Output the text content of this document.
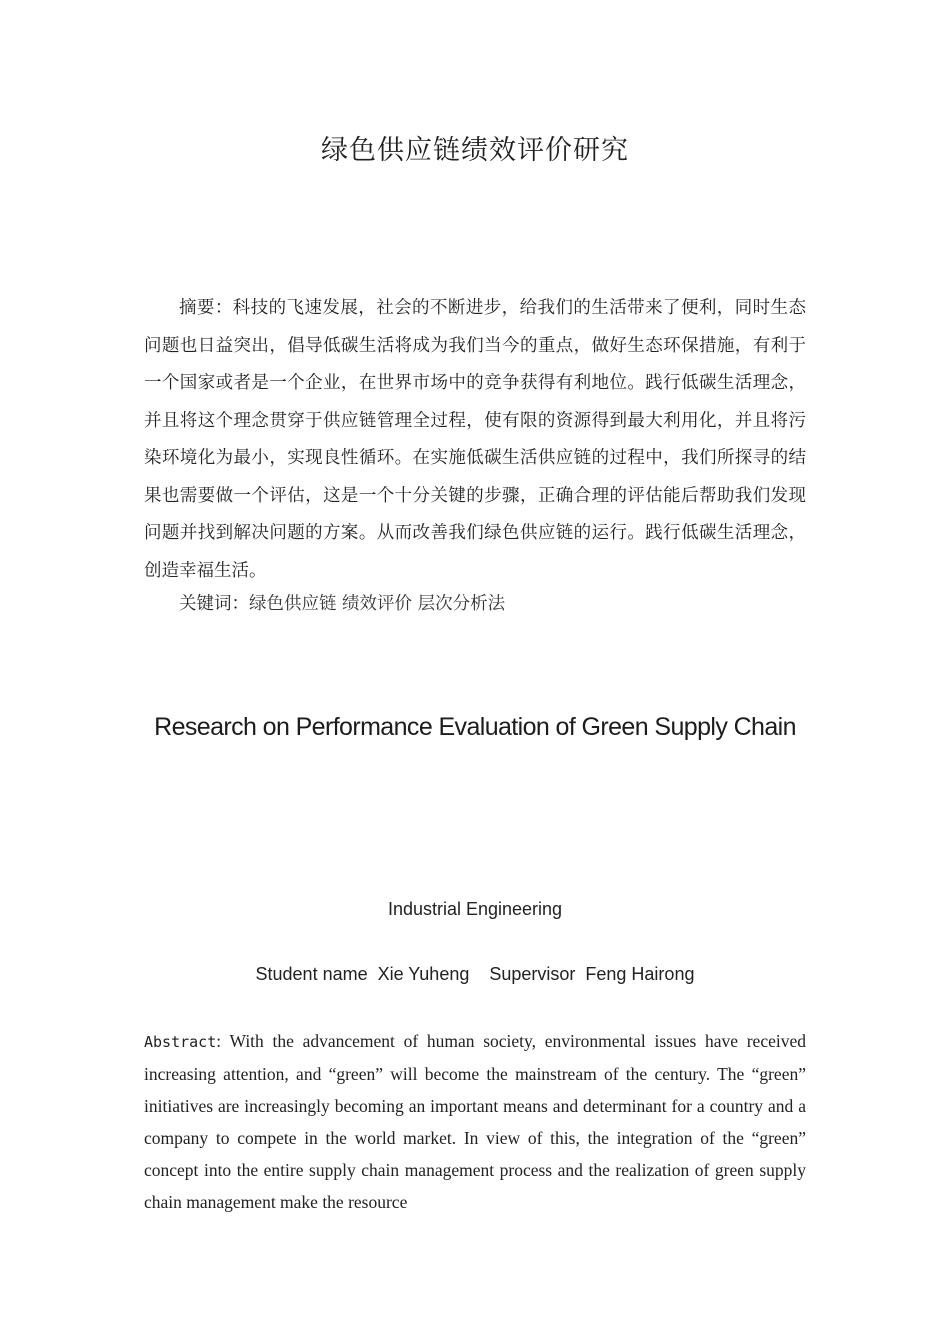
绿色供应链绩效评价研究

摘要：科技的飞速发展，社会的不断进步，给我们的生活带来了便利，同时生态问题也日益突出，倡导低碳生活将成为我们当今的重点，做好生态环保措施，有利于一个国家或者是一个企业，在世界市场中的竞争获得有利地位。践行低碳生活理念，并且将这个理念贯穿于供应链管理全过程，使有限的资源得到最大利用化，并且将污染环境化为最小，实现良性循环。在实施低碳生活供应链的过程中，我们所探寻的结果也需要做一个评估，这是一个十分关键的步骤，正确合理的评估能后帮助我们发现问题并找到解决问题的方案。从而改善我们绿色供应链的运行。践行低碳生活理念，创造幸福生活。

关键词：绿色供应链 绩效评价 层次分析法

Research on Performance Evaluation of Green Supply Chain
Industrial Engineering
Student name  Xie Yuheng    Supervisor  Feng Hairong

Abstract: With the advancement of human society, environmental issues have received increasing attention, and “green” will become the mainstream of the century. The “green” initiatives are increasingly becoming an important means and determinant for a country and a company to compete in the world market. In view of this, the integration of the “green” concept into the entire supply chain management process and the realization of green supply chain management make the resource
